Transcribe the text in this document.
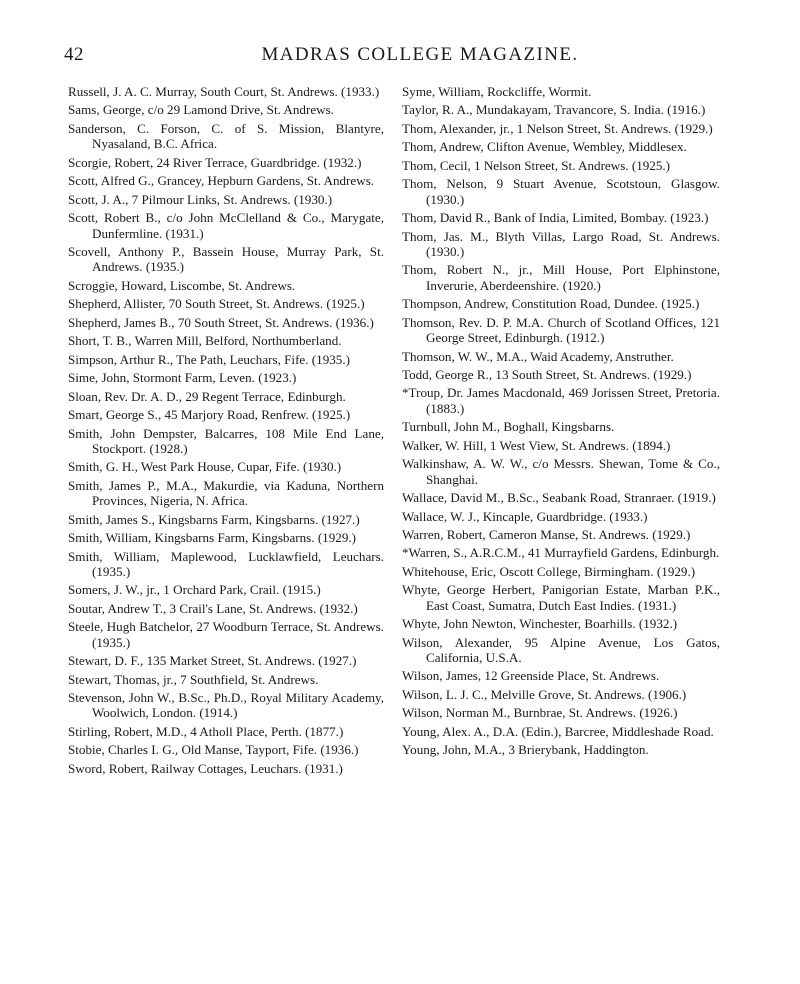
42	MADRAS COLLEGE MAGAZINE.

Russell, J. A. C. Murray, South Court, St. Andrews. (1933.)

Sams, George, c/o 29 Lamond Drive, St. Andrews.

Sanderson, C. Forson, C. of S. Mission, Blantyre, Nyasaland, B.C. Africa.

Scorgie, Robert, 24 River Terrace, Guardbridge. (1932.)

Scott, Alfred G., Grancey, Hepburn Gardens, St. Andrews.

Scott, J. A., 7 Pilmour Links, St. Andrews. (1930.)

Scott, Robert B., c/o John McClelland & Co., Marygate, Dunfermline. (1931.)

Scovell, Anthony P., Bassein House, Murray Park, St. Andrews. (1935.)

Scroggie, Howard, Liscombe, St. Andrews.

Shepherd, Allister, 70 South Street, St. Andrews. (1925.)

Shepherd, James B., 70 South Street, St. Andrews. (1936.)

Short, T. B., Warren Mill, Belford, Northumberland.

Simpson, Arthur R., The Path, Leuchars, Fife. (1935.)

Sime, John, Stormont Farm, Leven. (1923.)

Sloan, Rev. Dr. A. D., 29 Regent Terrace, Edinburgh.

Smart, George S., 45 Marjory Road, Renfrew. (1925.)

Smith, John Dempster, Balcarres, 108 Mile End Lane, Stockport. (1928.)

Smith, G. H., West Park House, Cupar, Fife. (1930.)

Smith, James P., M.A., Makurdie, via Kaduna, Northern Provinces, Nigeria, N. Africa.

Smith, James S., Kingsbarns Farm, Kingsbarns. (1927.)

Smith, William, Kingsbarns Farm, Kingsbarns. (1929.)

Smith, William, Maplewood, Lucklawfield, Leuchars. (1935.)

Somers, J. W., jr., 1 Orchard Park, Crail. (1915.)

Soutar, Andrew T., 3 Crail's Lane, St. Andrews. (1932.)

Steele, Hugh Batchelor, 27 Woodburn Terrace, St. Andrews. (1935.)

Stewart, D. F., 135 Market Street, St. Andrews. (1927.)

Stewart, Thomas, jr., 7 Southfield, St. Andrews.

Stevenson, John W., B.Sc., Ph.D., Royal Military Academy, Woolwich, London. (1914.)

Stirling, Robert, M.D., 4 Atholl Place, Perth. (1877.)

Stobie, Charles I. G., Old Manse, Tayport, Fife. (1936.)

Sword, Robert, Railway Cottages, Leuchars. (1931.)

Syme, William, Rockcliffe, Wormit.

Taylor, R. A., Mundakayam, Travancore, S. India. (1916.)

Thom, Alexander, jr., 1 Nelson Street, St. Andrews. (1929.)

Thom, Andrew, Clifton Avenue, Wembley, Middlesex.

Thom, Cecil, 1 Nelson Street, St. Andrews. (1925.)

Thom, Nelson, 9 Stuart Avenue, Scotstoun, Glasgow. (1930.)

Thom, David R., Bank of India, Limited, Bombay. (1923.)

Thom, Jas. M., Blyth Villas, Largo Road, St. Andrews. (1930.)

Thom, Robert N., jr., Mill House, Port Elphinstone, Inverurie, Aberdeenshire. (1920.)

Thompson, Andrew, Constitution Road, Dundee. (1925.)

Thomson, Rev. D. P. M.A. Church of Scotland Offices, 121 George Street, Edinburgh. (1912.)

Thomson, W. W., M.A., Waid Academy, Anstruther.

Todd, George R., 13 South Street, St. Andrews. (1929.)

*Troup, Dr. James Macdonald, 469 Jorissen Street, Pretoria. (1883.)

Turnbull, John M., Boghall, Kingsbarns.

Walker, W. Hill, 1 West View, St. Andrews. (1894.)

Walkinshaw, A. W. W., c/o Messrs. Shewan, Tome & Co., Shanghai.

Wallace, David M., B.Sc., Seabank Road, Stranraer. (1919.)

Wallace, W. J., Kincaple, Guardbridge. (1933.)

Warren, Robert, Cameron Manse, St. Andrews. (1929.)

*Warren, S., A.R.C.M., 41 Murrayfield Gardens, Edinburgh.

Whitehouse, Eric, Oscott College, Birmingham. (1929.)

Whyte, George Herbert, Panigorian Estate, Marban P.K., East Coast, Sumatra, Dutch East Indies. (1931.)

Whyte, John Newton, Winchester, Boarhills. (1932.)

Wilson, Alexander, 95 Alpine Avenue, Los Gatos, California, U.S.A.

Wilson, James, 12 Greenside Place, St. Andrews.

Wilson, L. J. C., Melville Grove, St. Andrews. (1906.)

Wilson, Norman M., Burnbrae, St. Andrews. (1926.)

Young, Alex. A., D.A. (Edin.), Barcree, Middleshade Road.

Young, John, M.A., 3 Brierybank, Haddington.
